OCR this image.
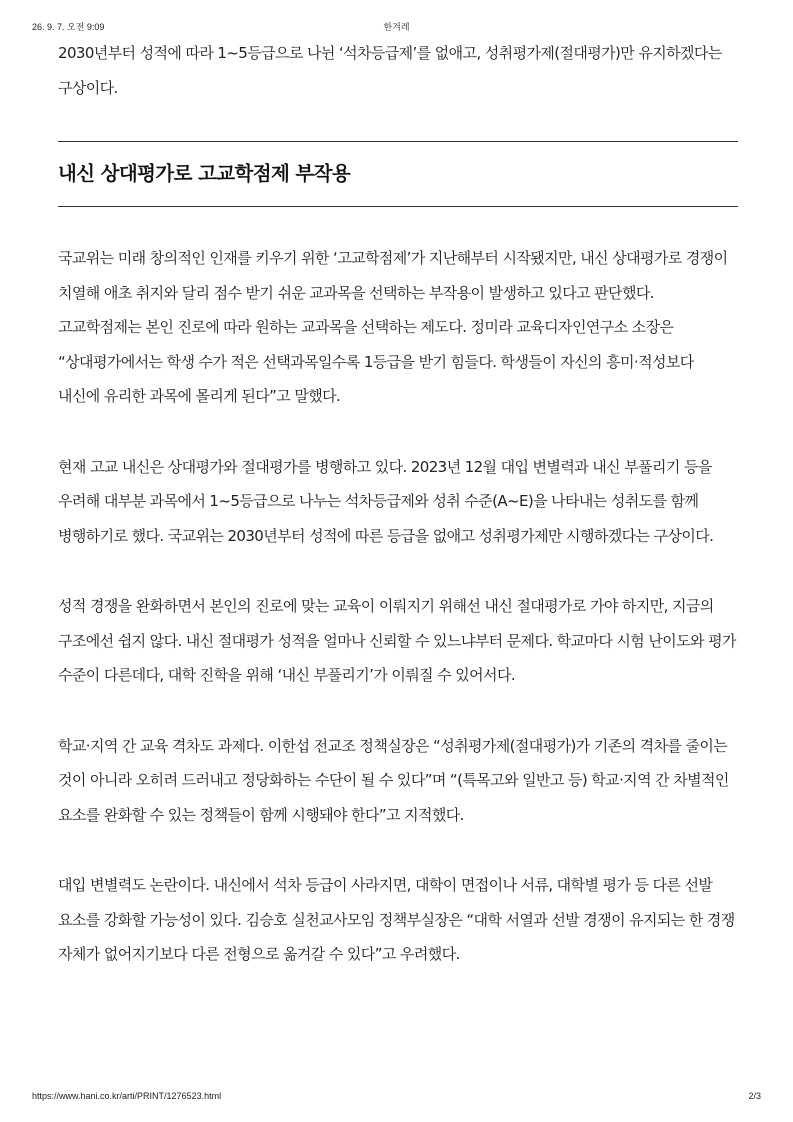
26. 9. 7. 오전 9:09	한겨레

2030년부터 성적에 따라 1~5등급으로 나뉜 ‘석차등급제’를 없애고, 성취평가제(절대평가)만 유지하겠다는 구상이다.

내신 상대평가로 고교학점제 부작용

국교위는 미래 창의적인 인재를 키우기 위한 ‘고교학점제’가 지난해부터 시작됐지만, 내신 상대평가로 경쟁이 치열해 애초 취지와 달리 점수 받기 쉬운 교과목을 선택하는 부작용이 발생하고 있다고 판단했다. 고교학점제는 본인 진로에 따라 원하는 교과목을 선택하는 제도다. 정미라 교육디자인연구소 소장은 “상대평가에서는 학생 수가 적은 선택과목일수록 1등급을 받기 힘들다. 학생들이 자신의 흥미·적성보다 내신에 유리한 과목에 몰리게 된다”고 말했다.

현재 고교 내신은 상대평가와 절대평가를 병행하고 있다. 2023년 12월 대입 변별력과 내신 부풀리기 등을 우려해 대부분 과목에서 1~5등급으로 나누는 석차등급제와 성취 수준(A~E)을 나타내는 성취도를 함께 병행하기로 했다. 국교위는 2030년부터 성적에 따른 등급을 없애고 성취평가제만 시행하겠다는 구상이다.

성적 경쟁을 완화하면서 본인의 진로에 맞는 교육이 이뤄지기 위해선 내신 절대평가로 가야 하지만, 지금의 구조에선 쉽지 않다. 내신 절대평가 성적을 얼마나 신뢰할 수 있느냐부터 문제다. 학교마다 시험 난이도와 평가 수준이 다른데다, 대학 진학을 위해 ‘내신 부풀리기’가 이뤄질 수 있어서다.

학교·지역 간 교육 격차도 과제다. 이한섭 전교조 정책실장은 “성취평가제(절대평가)가 기존의 격차를 줄이는 것이 아니라 오히려 드러내고 정당화하는 수단이 될 수 있다”며 “(특목고와 일반고 등) 학교·지역 간 차별적인 요소를 완화할 수 있는 정책들이 함께 시행돼야 한다”고 지적했다.

대입 변별력도 논란이다. 내신에서 석차 등급이 사라지면, 대학이 면접이나 서류, 대학별 평가 등 다른 선발 요소를 강화할 가능성이 있다. 김승호 실천교사모임 정책부실장은 “대학 서열과 선발 경쟁이 유지되는 한 경쟁 자체가 없어지기보다 다른 전형으로 옮겨갈 수 있다”고 우려했다.

https://www.hani.co.kr/arti/PRINT/1276523.html	2/3
